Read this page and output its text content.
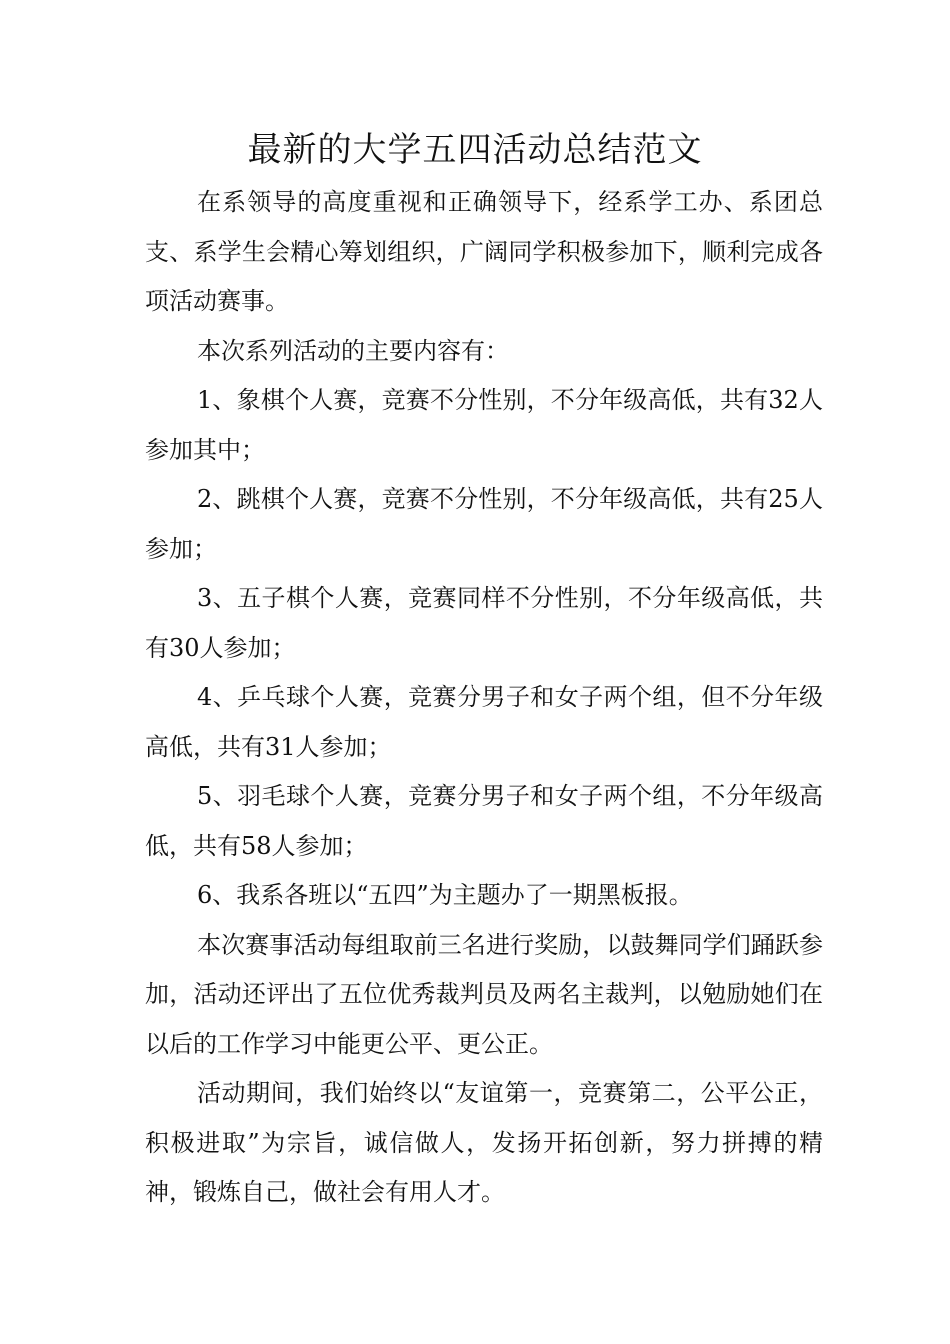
最新的大学五四活动总结范文

在系领导的高度重视和正确领导下，经系学工办、系团总支、系学生会精心筹划组织，广阔同学积极参加下，顺利完成各项活动赛事。

本次系列活动的主要内容有：

1、象棋个人赛，竞赛不分性别，不分年级高低，共有32人参加其中；

2、跳棋个人赛，竞赛不分性别，不分年级高低，共有25人参加；

3、五子棋个人赛，竞赛同样不分性别，不分年级高低，共有30人参加；

4、乒乓球个人赛，竞赛分男子和女子两个组，但不分年级高低，共有31人参加；

5、羽毛球个人赛，竞赛分男子和女子两个组，不分年级高低，共有58人参加；

6、我系各班以“五四”为主题办了一期黑板报。

本次赛事活动每组取前三名进行奖励，以鼓舞同学们踊跃参加，活动还评出了五位优秀裁判员及两名主裁判，以勉励她们在以后的工作学习中能更公平、更公正。

活动期间，我们始终以“友谊第一，竞赛第二，公平公正，积极进取”为宗旨，诚信做人，发扬开拓创新，努力拼搏的精神，锻炼自己，做社会有用人才。
